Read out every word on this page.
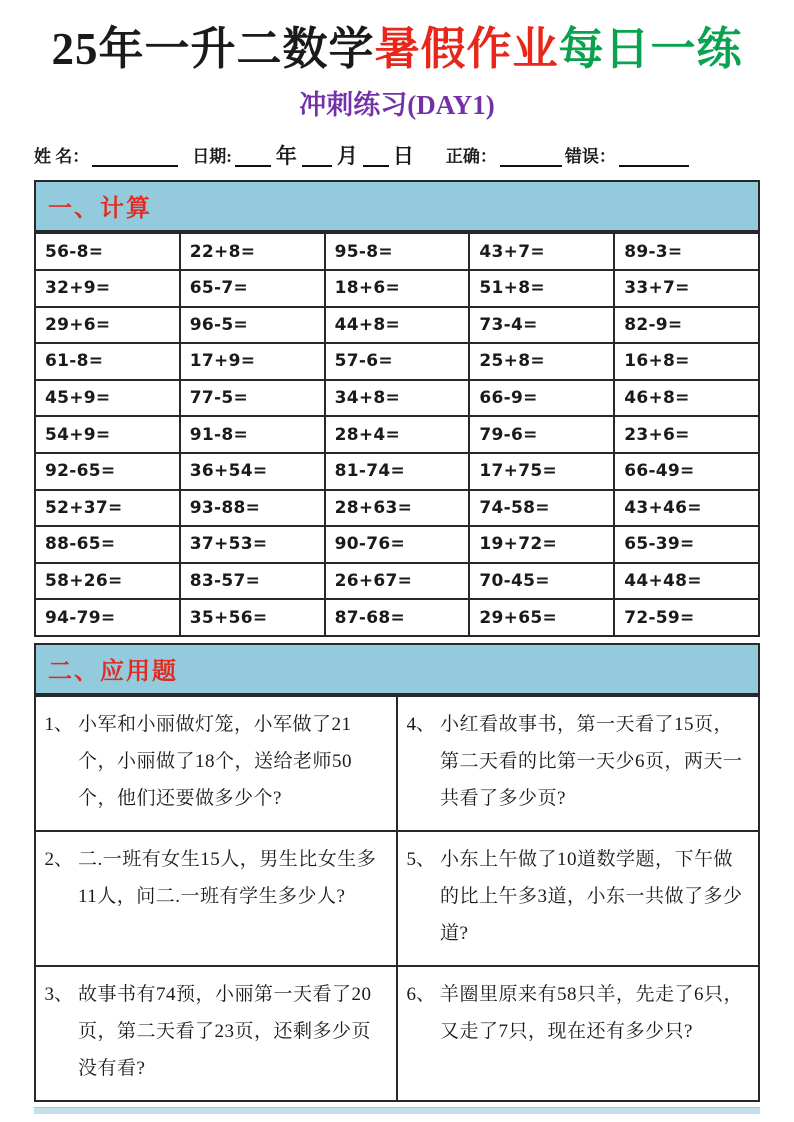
25年一升二数学暑假作业每日一练
冲刺练习(DAY1)
姓 名：	日期: 年 月 日 正确：	错误：
一、计算
56-8=	22+8=	95-8=	43+7=	89-3=
32+9=	65-7=	18+6=	51+8=	33+7=
29+6=	96-5=	44+8=	73-4=	82-9=
61-8=	17+9=	57-6=	25+8=	16+8=
45+9=	77-5=	34+8=	66-9=	46+8=
54+9=	91-8=	28+4=	79-6=	23+6=
92-65=	36+54=	81-74=	17+75=	66-49=
52+37=	93-88=	28+63=	74-58=	43+46=
88-65=	37+53=	90-76=	19+72=	65-39=
58+26=	83-57=	26+67=	70-45=	44+48=
94-79=	35+56=	87-68=	29+65=	72-59=
二、应用题
1、 小军和小丽做灯笼，小军做了21个，小丽做了18个，送给老师50个，他们还要做多少个?	4、 小红看故事书，第一天看了15页，第二天看的比第一天少6页，两天一共看了多少页?

2、 二.一班有女生15人，男生比女生多11人，问二.一班有学生多少人?	5、 小东上午做了10道数学题，下午做的比上午多3道，小东一共做了多少道?

3、 故事书有74预，小丽第一天看了20页，第二天看了23页，还剩多少页没有看?	6、 羊圈里原来有58只羊，先走了6只，又走了7只，现在还有多少只?
